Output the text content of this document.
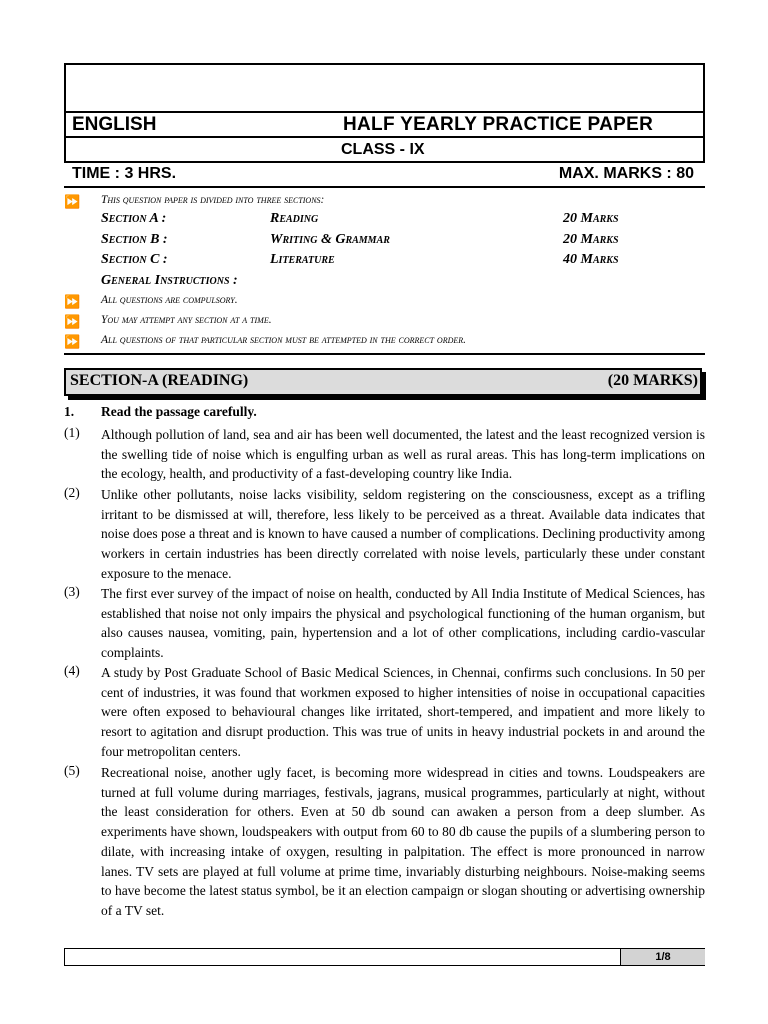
ENGLISH	HALF YEARLY PRACTICE PAPER
CLASS - IX
TIME : 3 HRS.	MAX. MARKS : 80
⏩ This question paper is divided into three sections:
Section A :	Reading	20 Marks
Section B :	Writing & Grammar	20 Marks
Section C :	Literature	40 Marks
General Instructions :
⏩ All questions are compulsory.
⏩ You may attempt any section at a time.
⏩ All questions of that particular section must be attempted in the correct order.
SECTION-A (READING)	(20 MARKS)
1. Read the passage carefully.
(1) Although pollution of land, sea and air has been well documented, the latest and the least recognized version is the swelling tide of noise which is engulfing urban as well as rural areas. This has long-term implications on the ecology, health, and productivity of a fast-developing country like India.
(2) Unlike other pollutants, noise lacks visibility, seldom registering on the consciousness, except as a trifling irritant to be dismissed at will, therefore, less likely to be perceived as a threat. Available data indicates that noise does pose a threat and is known to have caused a number of complications. Declining productivity among workers in certain industries has been directly correlated with noise levels, particularly these under constant exposure to the menace.
(3) The first ever survey of the impact of noise on health, conducted by All India Institute of Medical Sciences, has established that noise not only impairs the physical and psychological functioning of the human organism, but also causes nausea, vomiting, pain, hypertension and a lot of other complications, including cardio-vascular complaints.
(4) A study by Post Graduate School of Basic Medical Sciences, in Chennai, confirms such conclusions. In 50 per cent of industries, it was found that workmen exposed to higher intensities of noise in occupational capacities were often exposed to behavioural changes like irritated, short-tempered, and impatient and more likely to resort to agitation and disrupt production. This was true of units in heavy industrial pockets in and around the four metropolitan centers.
(5) Recreational noise, another ugly facet, is becoming more widespread in cities and towns. Loudspeakers are turned at full volume during marriages, festivals, jagrans, musical programmes, particularly at night, without the least consideration for others. Even at 50 db sound can awaken a person from a deep slumber. As experiments have shown, loudspeakers with output from 60 to 80 db cause the pupils of a slumbering person to dilate, with increasing intake of oxygen, resulting in palpitation. The effect is more pronounced in narrow lanes. TV sets are played at full volume at prime time, invariably disturbing neighbours. Noise-making seems to have become the latest status symbol, be it an election campaign or slogan shouting or advertising ownership of a TV set.
1/8
